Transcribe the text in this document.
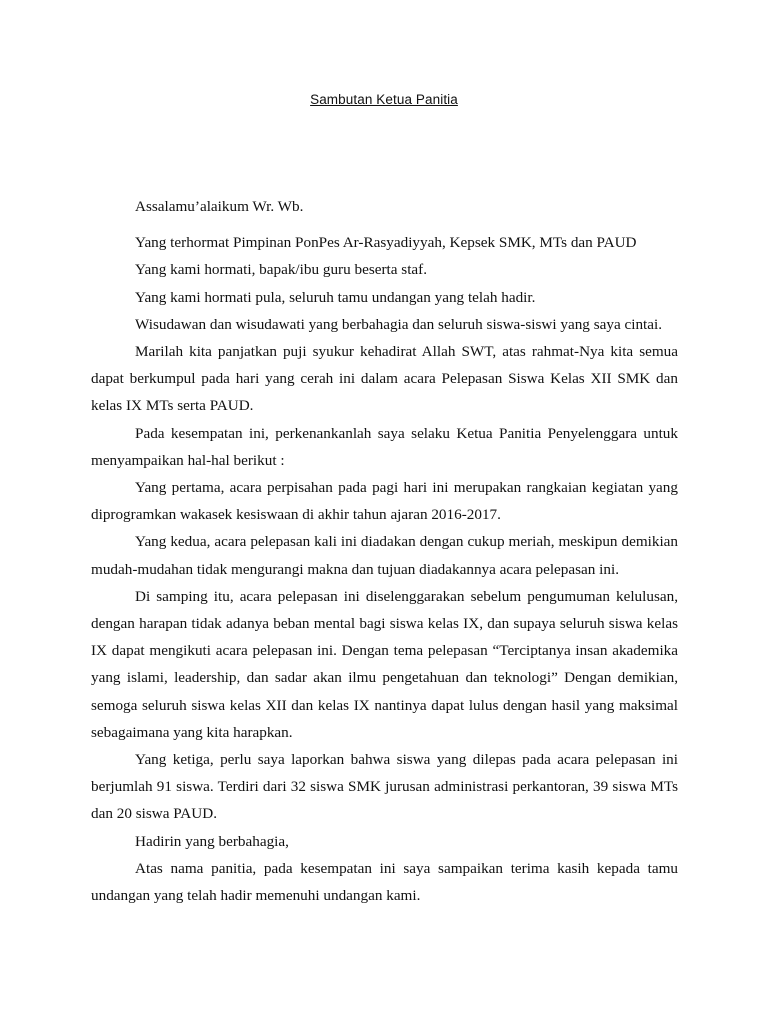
Sambutan Ketua Panitia

Assalamu’alaikum Wr. Wb.

Yang terhormat Pimpinan PonPes Ar-Rasyadiyyah, Kepsek SMK, MTs dan PAUD

Yang kami hormati, bapak/ibu guru beserta staf.

Yang kami hormati pula, seluruh tamu undangan yang telah hadir.

Wisudawan dan wisudawati yang berbahagia dan seluruh siswa-siswi yang saya cintai.

Marilah kita panjatkan puji syukur kehadirat Allah SWT, atas rahmat-Nya kita semua dapat berkumpul pada hari yang cerah ini dalam acara Pelepasan Siswa Kelas XII SMK dan kelas IX MTs serta PAUD.

Pada kesempatan ini, perkenankanlah saya selaku Ketua Panitia Penyelenggara untuk menyampaikan hal-hal berikut :

Yang pertama, acara perpisahan pada pagi hari ini merupakan rangkaian kegiatan yang diprogramkan wakasek kesiswaan di akhir tahun ajaran 2016-2017.

Yang kedua, acara pelepasan kali ini diadakan dengan cukup meriah, meskipun demikian mudah-mudahan tidak mengurangi makna dan tujuan diadakannya acara pelepasan ini.

Di samping itu, acara pelepasan ini diselenggarakan sebelum pengumuman kelulusan, dengan harapan tidak adanya beban mental bagi siswa kelas IX, dan supaya seluruh siswa kelas IX dapat mengikuti acara pelepasan ini. Dengan tema pelepasan “Terciptanya insan akademika yang islami, leadership, dan sadar akan ilmu pengetahuan dan teknologi” Dengan demikian, semoga seluruh siswa kelas XII dan kelas IX nantinya dapat lulus dengan hasil yang maksimal sebagaimana yang kita harapkan.

Yang ketiga, perlu saya laporkan bahwa siswa yang dilepas pada acara pelepasan ini berjumlah 91 siswa. Terdiri dari 32 siswa SMK jurusan administrasi perkantoran, 39 siswa MTs dan 20 siswa PAUD.

Hadirin yang berbahagia,

Atas nama panitia, pada kesempatan ini saya sampaikan terima kasih kepada tamu undangan yang telah hadir memenuhi undangan kami.
